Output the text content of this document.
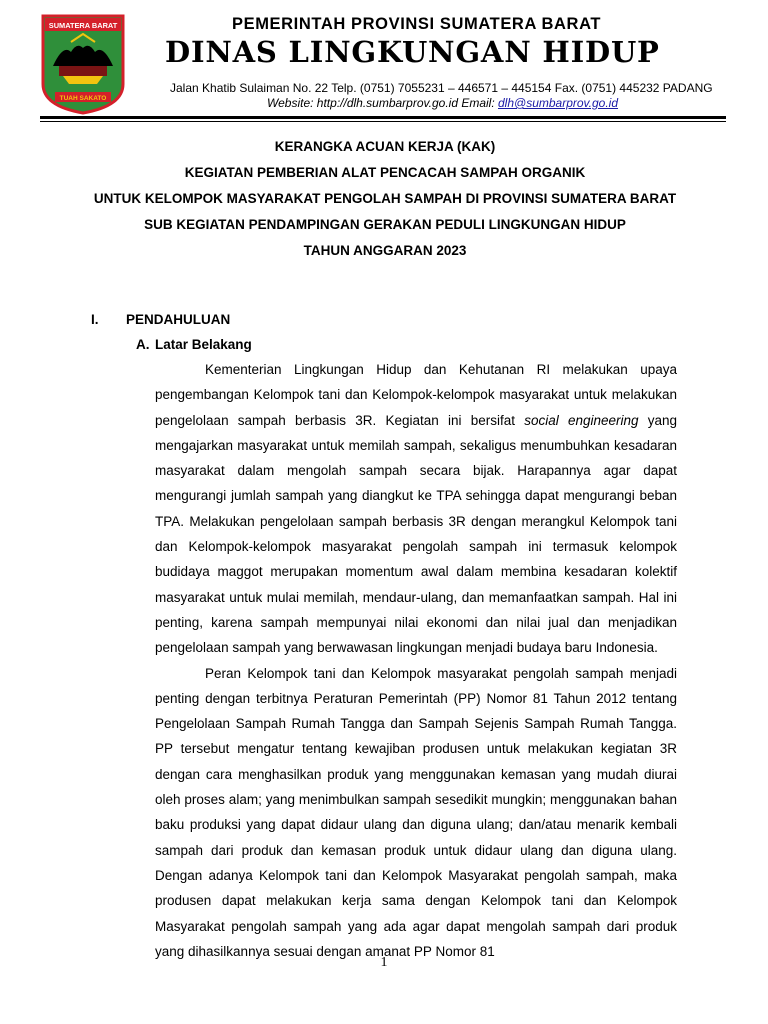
SUMATERA BARAT
TUAH SAKATO
PEMERINTAH PROVINSI SUMATERA BARAT
DINAS LINGKUNGAN HIDUP
Jalan Khatib Sulaiman No. 22 Telp. (0751) 7055231 – 446571 – 445154 Fax. (0751) 445232 PADANG
Website: http://dlh.sumbarprov.go.id Email: dlh@sumbarprov.go.id
KERANGKA ACUAN KERJA (KAK)
KEGIATAN PEMBERIAN ALAT PENCACAH SAMPAH ORGANIK
UNTUK KELOMPOK MASYARAKAT PENGOLAH SAMPAH DI PROVINSI SUMATERA BARAT
SUB KEGIATAN PENDAMPINGAN GERAKAN PEDULI LINGKUNGAN HIDUP
TAHUN ANGGARAN 2023
I. PENDAHULUAN
A. Latar Belakang

Kementerian Lingkungan Hidup dan Kehutanan RI melakukan upaya pengembangan Kelompok tani dan Kelompok-kelompok masyarakat untuk melakukan pengelolaan sampah berbasis 3R. Kegiatan ini bersifat social engineering yang mengajarkan masyarakat untuk memilah sampah, sekaligus menumbuhkan kesadaran masyarakat dalam mengolah sampah secara bijak. Harapannya agar dapat mengurangi jumlah sampah yang diangkut ke TPA sehingga dapat mengurangi beban TPA. Melakukan pengelolaan sampah berbasis 3R dengan merangkul Kelompok tani dan Kelompok-kelompok masyarakat pengolah sampah ini termasuk kelompok budidaya maggot merupakan momentum awal dalam membina kesadaran kolektif masyarakat untuk mulai memilah, mendaur-ulang, dan memanfaatkan sampah. Hal ini penting, karena sampah mempunyai nilai ekonomi dan nilai jual dan menjadikan pengelolaan sampah yang berwawasan lingkungan menjadi budaya baru Indonesia.

Peran Kelompok tani dan Kelompok masyarakat pengolah sampah menjadi penting dengan terbitnya Peraturan Pemerintah (PP) Nomor 81 Tahun 2012 tentang Pengelolaan Sampah Rumah Tangga dan Sampah Sejenis Sampah Rumah Tangga. PP tersebut mengatur tentang kewajiban produsen untuk melakukan kegiatan 3R dengan cara menghasilkan produk yang menggunakan kemasan yang mudah diurai oleh proses alam; yang menimbulkan sampah sesedikit mungkin; menggunakan bahan baku produksi yang dapat didaur ulang dan diguna ulang; dan/atau menarik kembali sampah dari produk dan kemasan produk untuk didaur ulang dan diguna ulang. Dengan adanya Kelompok tani dan Kelompok Masyarakat pengolah sampah, maka produsen dapat melakukan kerja sama dengan Kelompok tani dan Kelompok Masyarakat pengolah sampah yang ada agar dapat mengolah sampah dari produk yang dihasilkannya sesuai dengan amanat PP Nomor 81

1
